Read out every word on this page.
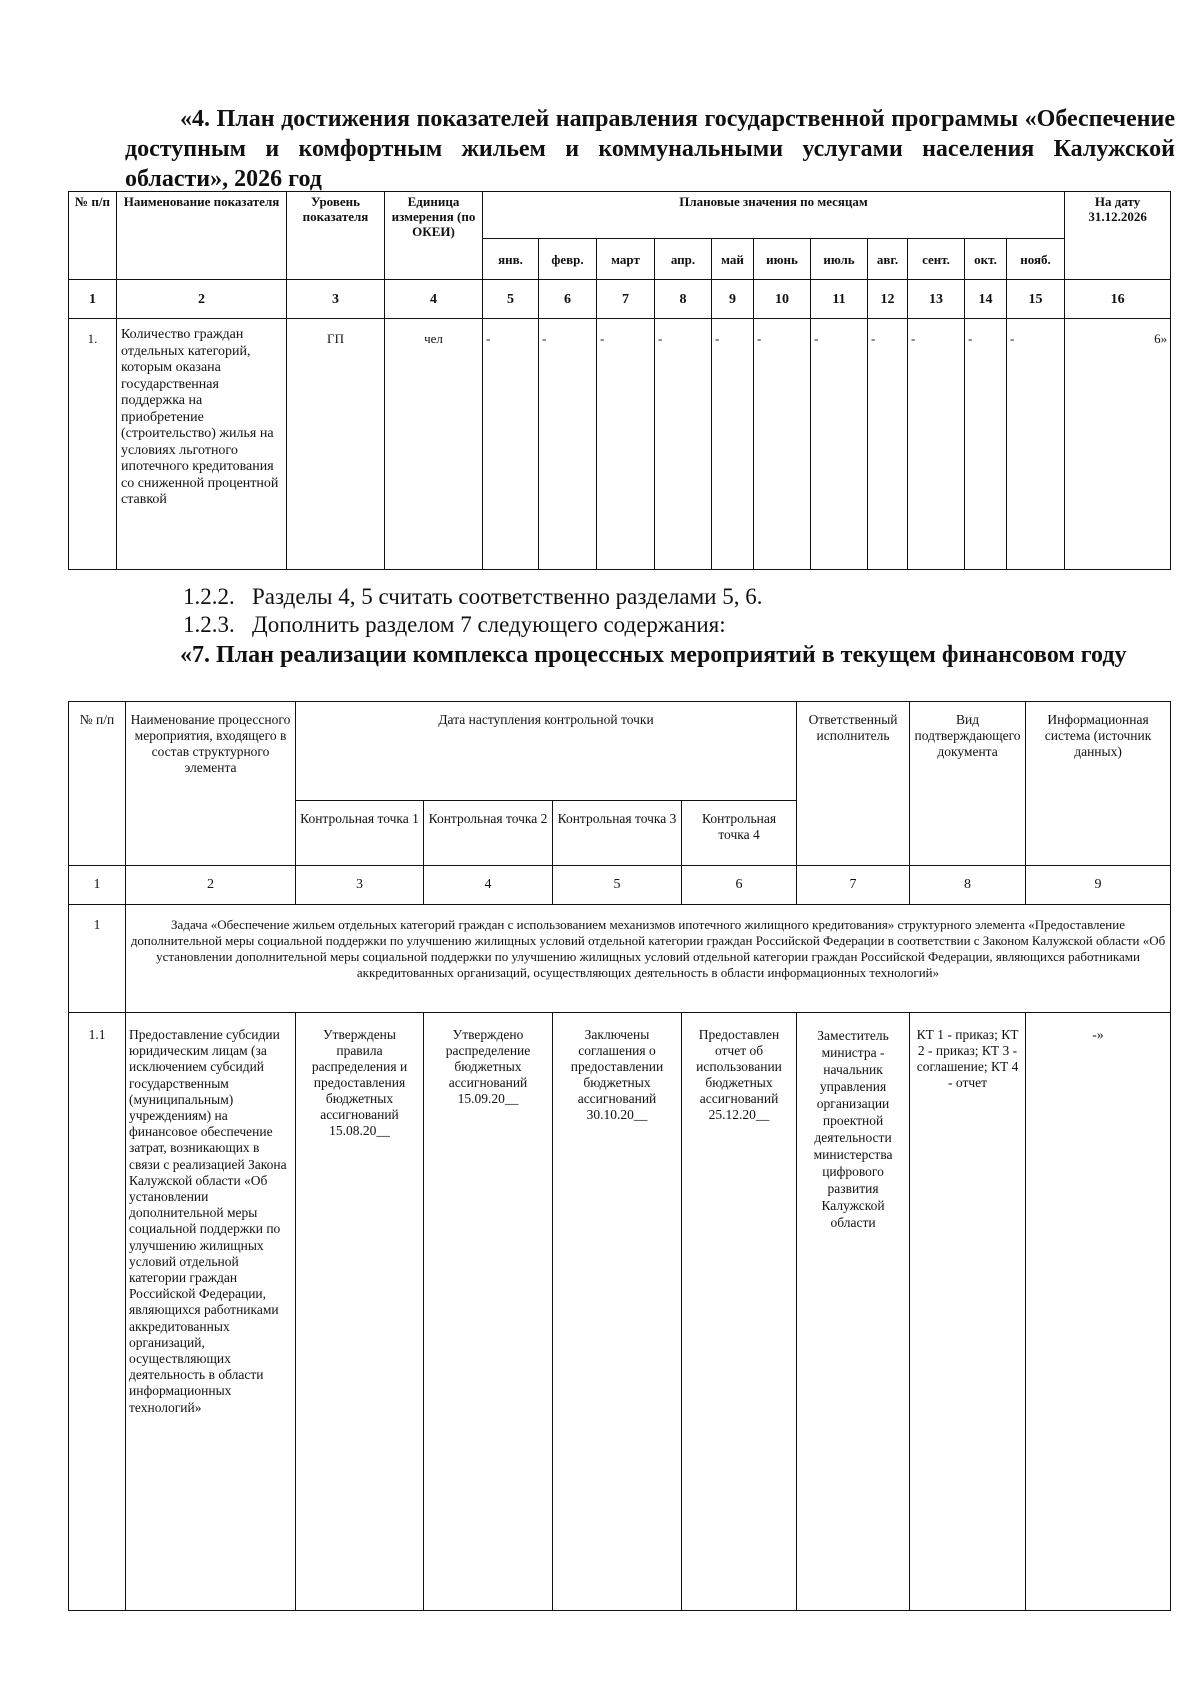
«4. План достижения показателей направления государственной программы «Обеспечение доступным и комфортным жильем и коммунальными услугами населения Калужской области», 2026 год
№ п/п	Наименование показателя	Уровень показателя	Единица измерения (по ОКЕИ)	Плановые значения по месяцам											На дату 31.12.2026
				янв.	февр.	март	апр.	май	июнь	июль	авг.	сент.	окт.	нояб.	
1	2	3	4	5	6	7	8	9	10	11	12	13	14	15	16
1.	Количество граждан отдельных категорий, которым оказана государственная поддержка на приобретение (строительство) жилья на условиях льготного ипотечного кредитования со сниженной процентной ставкой	ГП	чел	-	-	-	-	-	-	-	-	-	-	-	6»
1.2.2.   Разделы 4, 5 считать соответственно разделами 5, 6.
1.2.3.   Дополнить разделом 7 следующего содержания:
«7. План реализации комплекса процессных мероприятий в текущем финансовом году
№ п/п	Наименование процессного мероприятия, входящего в состав структурного элемента	Дата наступления контрольной точки				Ответственный исполнитель	Вид подтверждающего документа	Информационная система (источник данных)
		Контрольная точка 1	Контрольная точка 2	Контрольная точка 3	Контрольная точка 4			
1	2	3	4	5	6	7	8	9
1	Задача «Обеспечение жильем отдельных категорий граждан с использованием механизмов ипотечного жилищного кредитования» структурного элемента «Предоставление дополнительной меры социальной поддержки по улучшению жилищных условий отдельной категории граждан Российской Федерации в соответствии с Законом Калужской области «Об установлении дополнительной меры социальной поддержки по улучшению жилищных условий отдельной категории граждан Российской Федерации, являющихся работниками аккредитованных организаций, осуществляющих деятельность в области информационных технологий»							
1.1	Предоставление субсидии юридическим лицам (за исключением субсидий государственным (муниципальным) учреждениям) на финансовое обеспечение затрат, возникающих в связи с реализацией Закона Калужской области «Об установлении дополнительной меры социальной поддержки по улучшению жилищных условий отдельной категории граждан Российской Федерации, являющихся работниками аккредитованных организаций, осуществляющих деятельность в области информационных технологий»	Утверждены правила распределения и предоставления бюджетных ассигнований 15.08.20__	Утверждено распределение бюджетных ассигнований 15.09.20__	Заключены соглашения о предоставлении бюджетных ассигнований 30.10.20__	Предоставлен отчет об использовании бюджетных ассигнований 25.12.20__	Заместитель министра - начальник управления организации проектной деятельности министерства цифрового развития Калужской области	КТ 1 - приказ; КТ 2 - приказ; КТ 3 - соглашение; КТ 4 - отчет	-»
